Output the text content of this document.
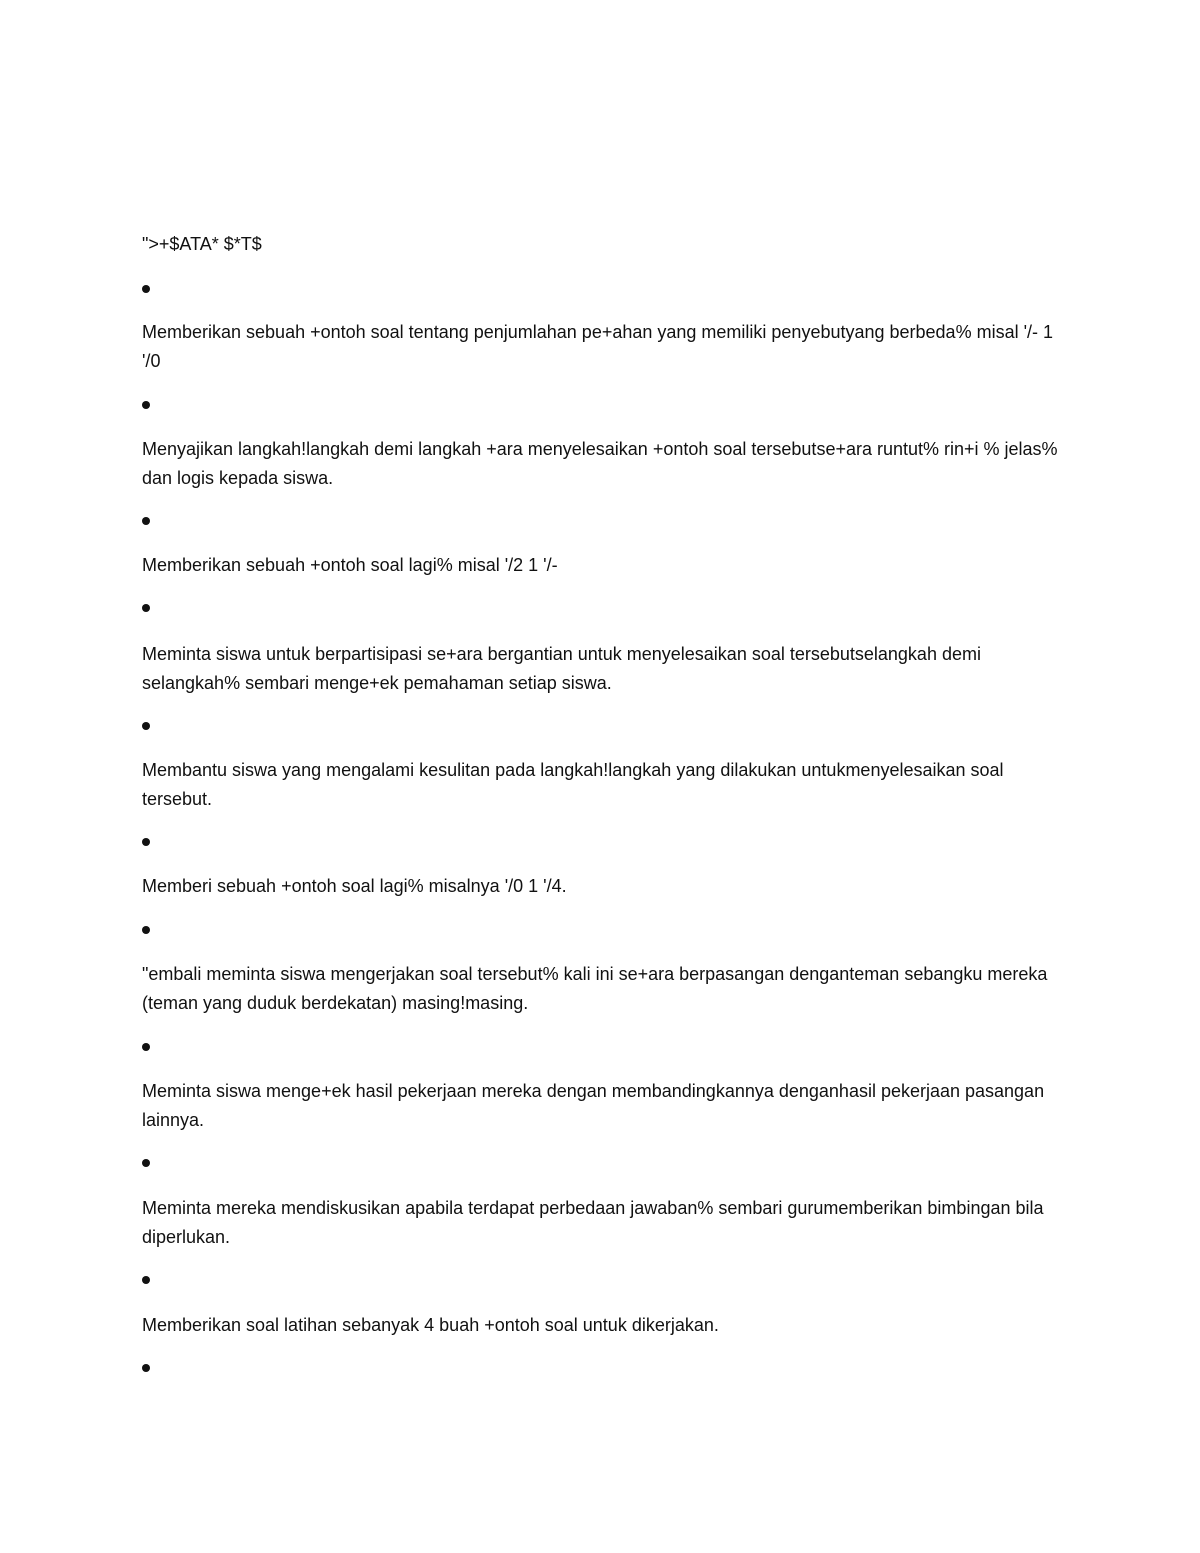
">+$ATA* $*T$
Memberikan sebuah +ontoh soal tentang penjumlahan pe+ahan yang memiliki penyebutyang berbeda% misal '/- 1 '/0
Menyajikan langkah!langkah demi langkah +ara menyelesaikan +ontoh soal tersebutse+ara runtut% rin+i % jelas% dan logis kepada siswa.
Memberikan sebuah +ontoh soal lagi% misal '/2 1 '/-
Meminta siswa untuk berpartisipasi se+ara bergantian untuk menyelesaikan soal tersebutselangkah demi selangkah% sembari menge+ek pemahaman setiap siswa.
Membantu siswa yang mengalami kesulitan pada langkah!langkah yang dilakukan untukmenyelesaikan soal tersebut.
Memberi sebuah +ontoh soal lagi% misalnya '/0 1 '/4.
"embali meminta siswa mengerjakan soal tersebut% kali ini se+ara berpasangan denganteman sebangku mereka (teman yang duduk berdekatan) masing!masing.
Meminta siswa menge+ek hasil pekerjaan mereka dengan membandingkannya denganhasil pekerjaan pasangan lainnya.
Meminta mereka mendiskusikan apabila terdapat perbedaan jawaban% sembari gurumemberikan bimbingan bila diperlukan.
Memberikan soal latihan sebanyak 4 buah +ontoh soal untuk dikerjakan.
